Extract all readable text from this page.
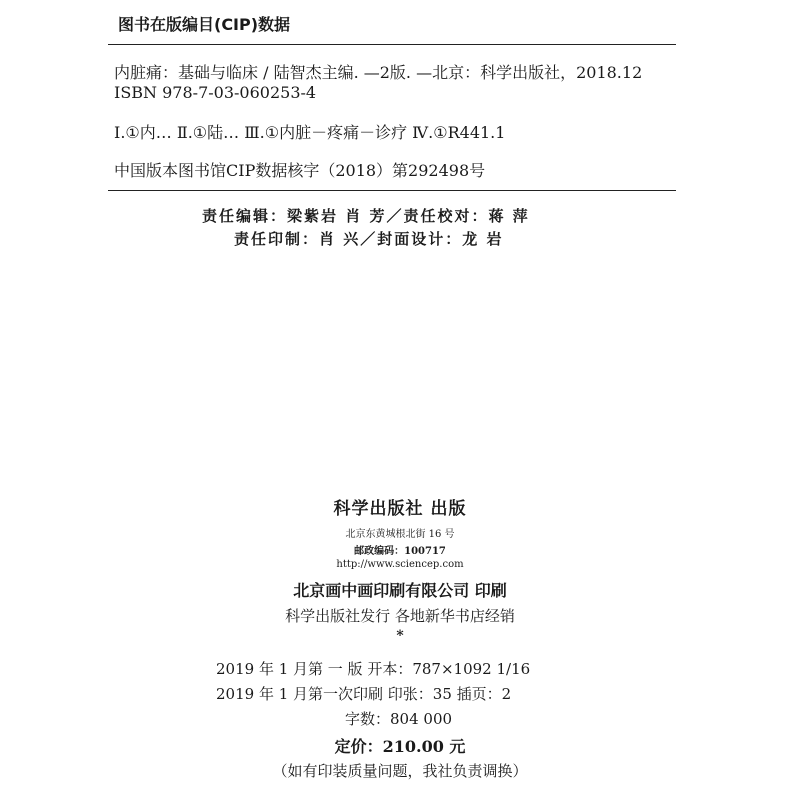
图书在版编目(CIP)数据
内脏痛：基础与临床 / 陆智杰主编. —2版. —北京：科学出版社，2018.12
ISBN 978-7-03-060253-4
Ⅰ.①内… Ⅱ.①陆… Ⅲ.①内脏－疼痛－诊疗 Ⅳ.①R441.1
中国版本图书馆CIP数据核字（2018）第292498号
责任编辑：梁紫岩 肖 芳／责任校对：蒋 萍
责任印制：肖 兴／封面设计：龙 岩
科学出版社 出版
北京东黄城根北街 16 号
邮政编码：100717
http://www.sciencep.com
北京画中画印刷有限公司 印刷
科学出版社发行 各地新华书店经销
*
2019 年 1 月第 一 版 开本：787×1092 1/16
2019 年 1 月第一次印刷 印张：35 插页：2
字数：804 000
定价：210.00 元
（如有印装质量问题，我社负责调换）
